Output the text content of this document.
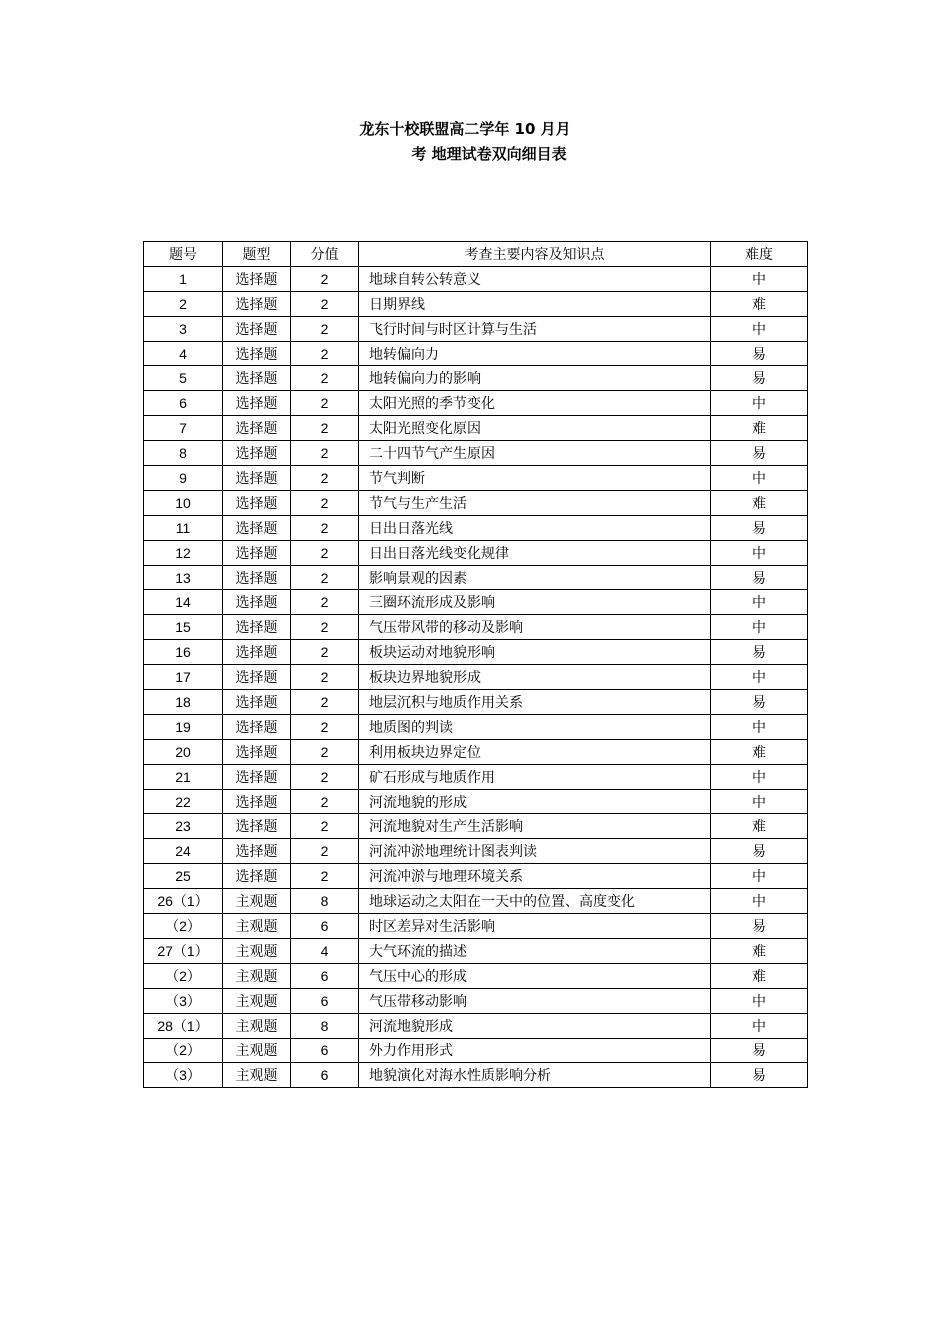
龙东十校联盟高二学年 10 月月
考 地理试卷双向细目表
题号	题型	分值	考查主要内容及知识点	难度
1	选择题	2	地球自转公转意义	中
2	选择题	2	日期界线	难
3	选择题	2	飞行时间与时区计算与生活	中
4	选择题	2	地转偏向力	易
5	选择题	2	地转偏向力的影响	易
6	选择题	2	太阳光照的季节变化	中
7	选择题	2	太阳光照变化原因	难
8	选择题	2	二十四节气产生原因	易
9	选择题	2	节气判断	中
10	选择题	2	节气与生产生活	难
11	选择题	2	日出日落光线	易
12	选择题	2	日出日落光线变化规律	中
13	选择题	2	影响景观的因素	易
14	选择题	2	三圈环流形成及影响	中
15	选择题	2	气压带风带的移动及影响	中
16	选择题	2	板块运动对地貌形响	易
17	选择题	2	板块边界地貌形成	中
18	选择题	2	地层沉积与地质作用关系	易
19	选择题	2	地质图的判读	中
20	选择题	2	利用板块边界定位	难
21	选择题	2	矿石形成与地质作用	中
22	选择题	2	河流地貌的形成	中
23	选择题	2	河流地貌对生产生活影响	难
24	选择题	2	河流冲淤地理统计图表判读	易
25	选择题	2	河流冲淤与地理环境关系	中
26（1）	主观题	8	地球运动之太阳在一天中的位置、高度变化	中
（2）	主观题	6	时区差异对生活影响	易
27（1）	主观题	4	大气环流的描述	难
（2）	主观题	6	气压中心的形成	难
（3）	主观题	6	气压带移动影响	中
28（1）	主观题	8	河流地貌形成	中
（2）	主观题	6	外力作用形式	易
（3）	主观题	6	地貌演化对海水性质影响分析	易
